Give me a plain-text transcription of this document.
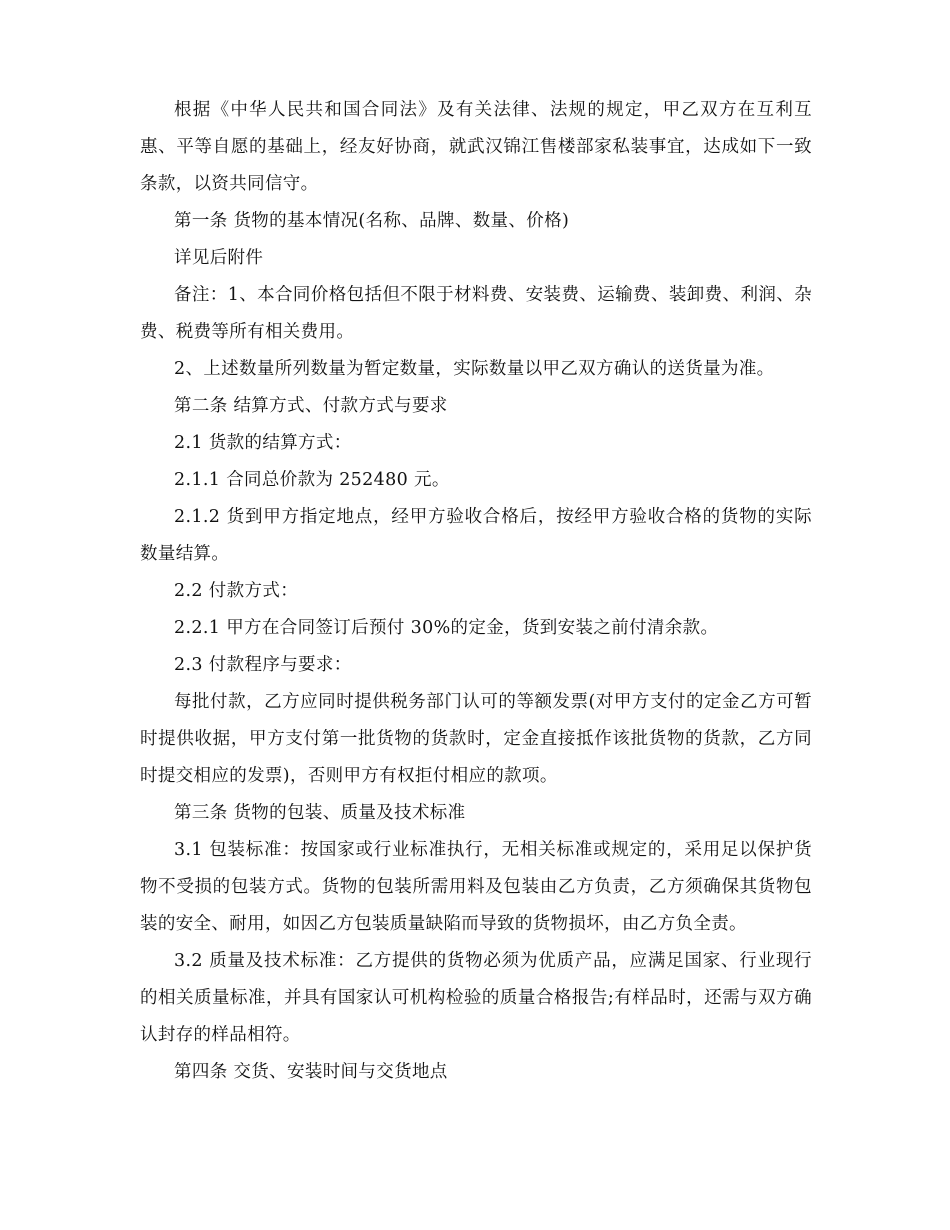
根据《中华人民共和国合同法》及有关法律、法规的规定，甲乙双方在互利互惠、平等自愿的基础上，经友好协商，就武汉锦江售楼部家私装事宜，达成如下一致条款，以资共同信守。

第一条 货物的基本情况(名称、品牌、数量、价格)

详见后附件

备注：1、本合同价格包括但不限于材料费、安装费、运输费、装卸费、利润、杂费、税费等所有相关费用。

2、上述数量所列数量为暂定数量，实际数量以甲乙双方确认的送货量为准。

第二条 结算方式、付款方式与要求

2.1 货款的结算方式：

2.1.1 合同总价款为 252480 元。

2.1.2 货到甲方指定地点，经甲方验收合格后，按经甲方验收合格的货物的实际数量结算。

2.2 付款方式：

2.2.1 甲方在合同签订后预付 30%的定金，货到安装之前付清余款。

2.3 付款程序与要求：

每批付款，乙方应同时提供税务部门认可的等额发票(对甲方支付的定金乙方可暂时提供收据，甲方支付第一批货物的货款时，定金直接抵作该批货物的货款，乙方同时提交相应的发票)，否则甲方有权拒付相应的款项。

第三条 货物的包装、质量及技术标准

3.1 包装标准：按国家或行业标准执行，无相关标准或规定的，采用足以保护货物不受损的包装方式。货物的包装所需用料及包装由乙方负责，乙方须确保其货物包装的安全、耐用，如因乙方包装质量缺陷而导致的货物损坏，由乙方负全责。

3.2 质量及技术标准：乙方提供的货物必须为优质产品，应满足国家、行业现行的相关质量标准，并具有国家认可机构检验的质量合格报告;有样品时，还需与双方确认封存的样品相符。

第四条 交货、安装时间与交货地点
